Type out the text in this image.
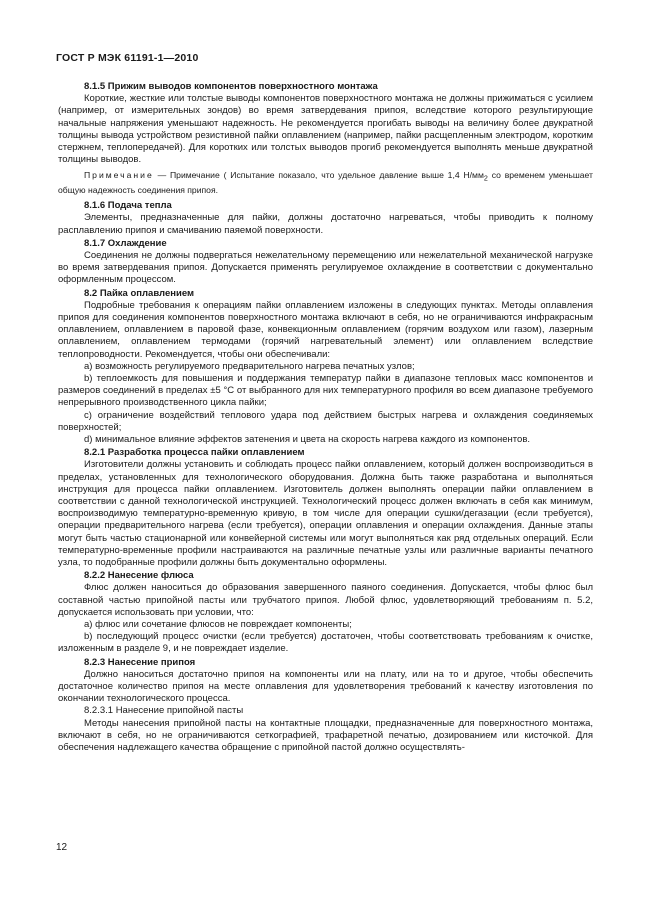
ГОСТ Р МЭК 61191-1—2010

8.1.5 Прижим выводов компонентов поверхностного монтажа

Короткие, жесткие или толстые выводы компонентов поверхностного монтажа не должны прижиматься с усилием (например, от измерительных зондов) во время затвердевания припоя, вследствие которого результирующие начальные напряжения уменьшают надежность. Не рекомендуется прогибать выводы на величину более двукратной толщины вывода устройством резистивной пайки оплавлением (например, пайки расщепленным электродом, коротким стержнем, теплопередачей). Для коротких или толстых выводов прогиб рекомендуется выполнять меньше двукратной толщины выводов.

Примечание — Примечание ( Испытание показало, что удельное давление выше 1,4 $Н/мм_2$ со временем уменьшает общую надежность соединения припоя.

8.1.6 Подача тепла

Элементы, предназначенные для пайки, должны достаточно нагреваться, чтобы приводить к полному расплавлению припоя и смачиванию паяемой поверхности.

8.1.7 Охлаждение

Соединения не должны подвергаться нежелательному перемещению или нежелательной механической нагрузке во время затвердевания припоя. Допускается применять регулируемое охлаждение в соответствии с документально оформленным процессом.

8.2 Пайка оплавлением

Подробные требования к операциям пайки оплавлением изложены в следующих пунктах. Методы оплавления припоя для соединения компонентов поверхностного монтажа включают в себя, но не ограничиваются инфракрасным оплавлением, оплавлением в паровой фазе, конвекционным оплавлением (горячим воздухом или газом), лазерным оплавлением, оплавлением термодами (горячий нагревательный элемент) или оплавлением вследствие теплопроводности. Рекомендуется, чтобы они обеспечивали:

a) возможность регулируемого предварительного нагрева печатных узлов;

b) теплоемкость для повышения и поддержания температур пайки в диапазоне тепловых масс компонентов и размеров соединений в пределах ±5 °С от выбранного для них температурного профиля во всем диапазоне требуемого непрерывного производственного цикла пайки;

c) ограничение воздействий теплового удара под действием быстрых нагрева и охлаждения соединяемых поверхностей;

d) минимальное влияние эффектов затенения и цвета на скорость нагрева каждого из компонентов.

8.2.1 Разработка процесса пайки оплавлением

Изготовители должны установить и соблюдать процесс пайки оплавлением, который должен воспроизводиться в пределах, установленных для технологического оборудования. Должна быть также разработана и выполняться инструкция для процесса пайки оплавлением. Изготовитель должен выполнять операции пайки оплавлением в соответствии с данной технологической инструкцией. Технологический процесс должен включать в себя как минимум, воспроизводимую температурно-временную кривую, в том числе для операции сушки/дегазации (если требуется), операции предварительного нагрева (если требуется), операции оплавления и операции охлаждения. Данные этапы могут быть частью стационарной или конвейерной системы или могут выполняться как ряд отдельных операций. Если температурно-временные профили настраиваются на различные печатные узлы или различные варианты печатного узла, то подобранные профили должны быть документально оформлены.

8.2.2 Нанесение флюса

Флюс должен наноситься до образования завершенного паяного соединения. Допускается, чтобы флюс был составной частью припойной пасты или трубчатого припоя. Любой флюс, удовлетворяющий требованиям п. 5.2, допускается использовать при условии, что:

a) флюс или сочетание флюсов не повреждает компоненты;

b) последующий процесс очистки (если требуется) достаточен, чтобы соответствовать требованиям к очистке, изложенным в разделе 9, и не повреждает изделие.

8.2.3 Нанесение припоя

Должно наноситься достаточно припоя на компоненты или на плату, или на то и другое, чтобы обеспечить достаточное количество припоя на месте оплавления для удовлетворения требований к качеству изготовления по окончании технологического процесса.

8.2.3.1 Нанесение припойной пасты

Методы нанесения припойной пасты на контактные площадки, предназначенные для поверхностного монтажа, включают в себя, но не ограничиваются сеткографией, трафаретной печатью, дозированием или кисточкой. Для обеспечения надлежащего качества обращение с припойной пастой должно осуществлять-

12
